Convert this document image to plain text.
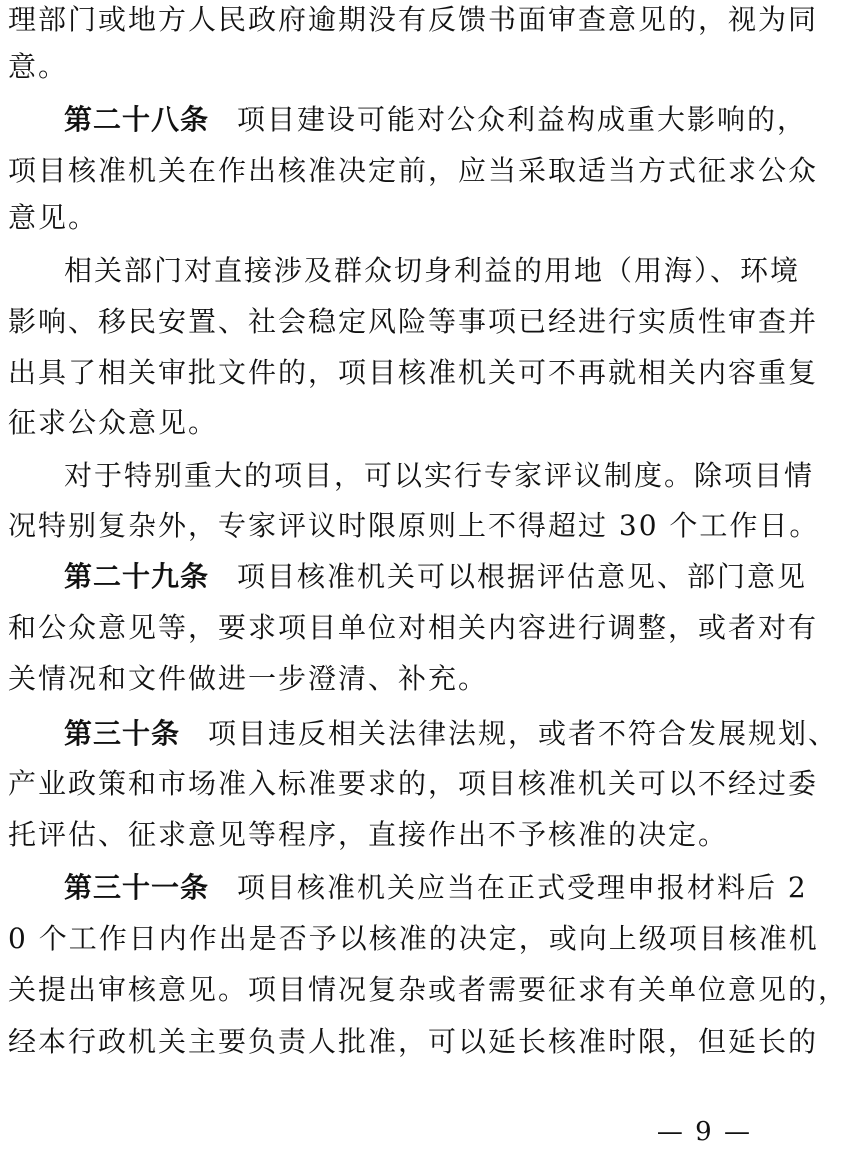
理部门或地方人民政府逾期没有反馈书面审查意见的，视为同
意。
第二十八条 项目建设可能对公众利益构成重大影响的，
项目核准机关在作出核准决定前，应当采取适当方式征求公众
意见。
相关部门对直接涉及群众切身利益的用地（用海）、环境
影响、移民安置、社会稳定风险等事项已经进行实质性审查并
出具了相关审批文件的，项目核准机关可不再就相关内容重复
征求公众意见。
对于特别重大的项目，可以实行专家评议制度。除项目情
况特别复杂外，专家评议时限原则上不得超过 30 个工作日。
第二十九条 项目核准机关可以根据评估意见、部门意见
和公众意见等，要求项目单位对相关内容进行调整，或者对有
关情况和文件做进一步澄清、补充。
第三十条 项目违反相关法律法规，或者不符合发展规划、
产业政策和市场准入标准要求的，项目核准机关可以不经过委
托评估、征求意见等程序，直接作出不予核准的决定。
第三十一条 项目核准机关应当在正式受理申报材料后 2
0 个工作日内作出是否予以核准的决定，或向上级项目核准机
关提出审核意见。项目情况复杂或者需要征求有关单位意见的，
经本行政机关主要负责人批准，可以延长核准时限，但延长的
— 9 —
